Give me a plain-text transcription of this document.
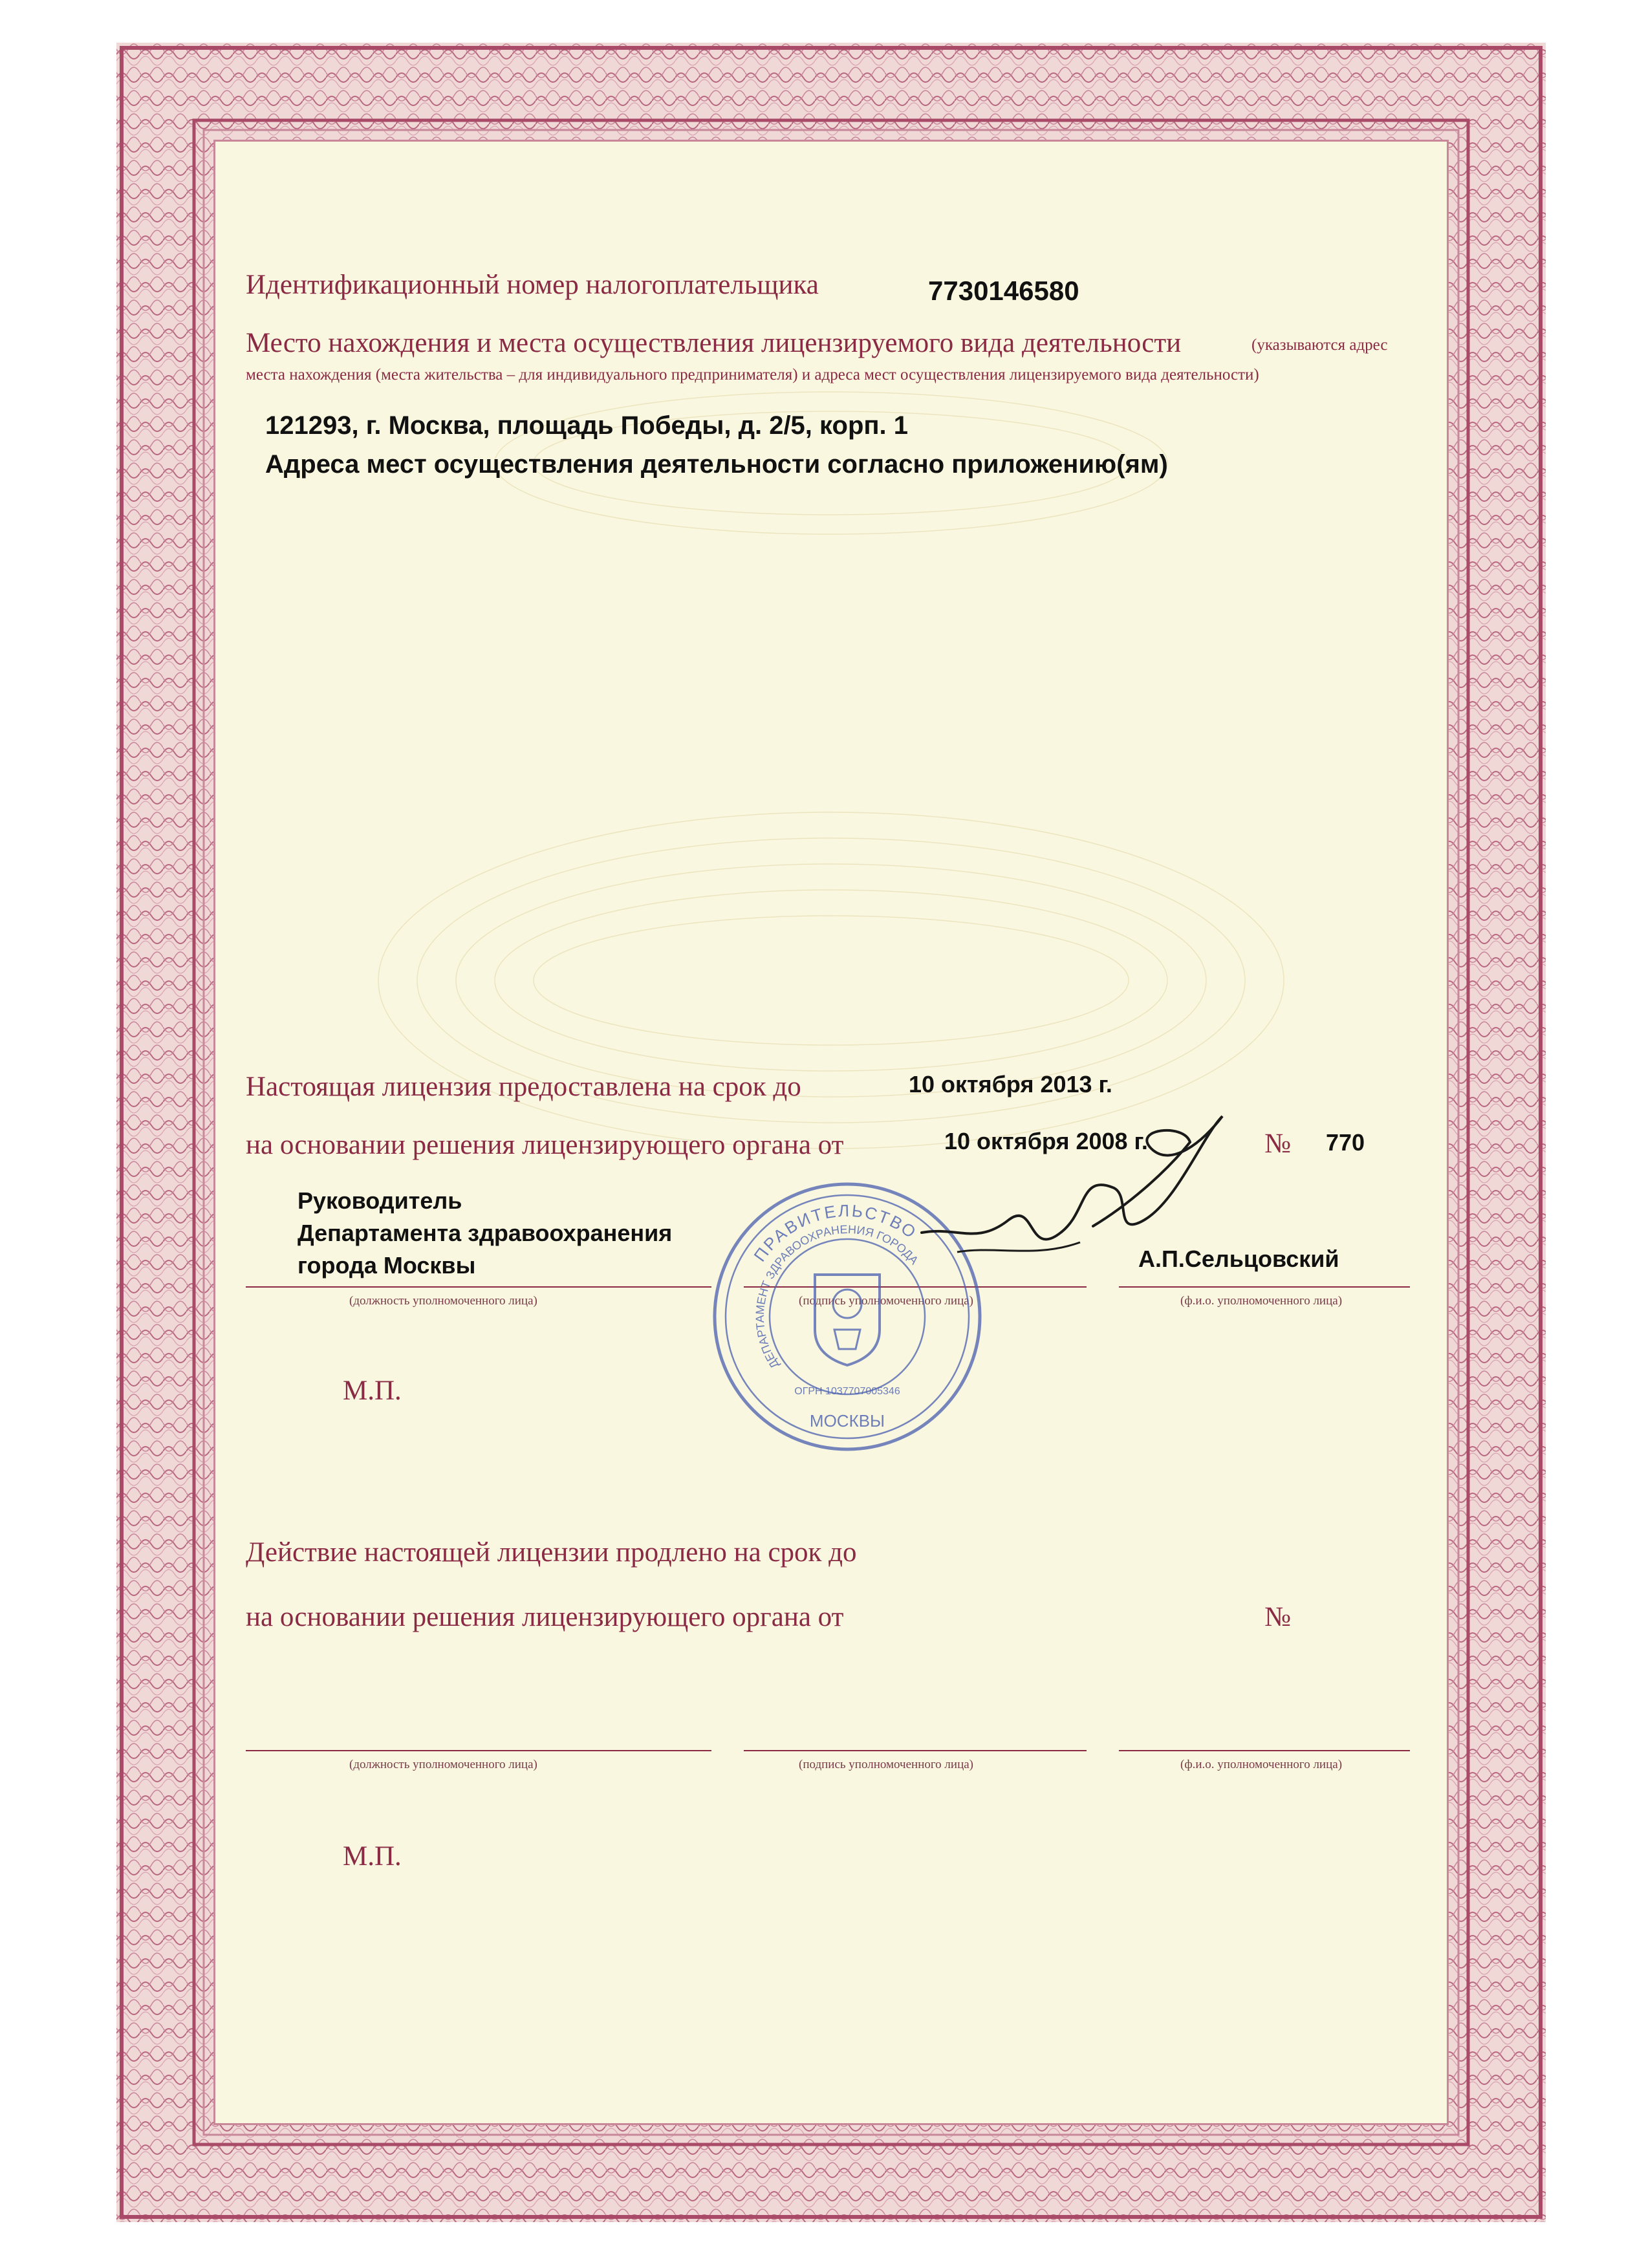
Идентификационный номер налогоплательщика	7730146580
Место нахождения и места осуществления лицензируемого вида деятельности	(указываются адрес
места нахождения (места жительства – для индивидуального предпринимателя) и адреса мест осуществления лицензируемого вида деятельности)
121293, г. Москва, площадь Победы, д. 2/5, корп. 1
Адреса мест осуществления деятельности согласно приложению(ям)
Настоящая лицензия предоставлена на срок до	10 октября 2013 г.
на основании решения лицензирующего органа от	10 октября 2008 г.	№ 770
Руководитель
Департамента здравоохранения
города Москвы	А.П.Сельцовский
(должность уполномоченного лица)	(подпись уполномоченного лица)	(ф.и.о. уполномоченного лица)
М.П.
ПРАВИТЕЛЬСТВО
ДЕПАРТАМЕНТ ЗДРАВООХРАНЕНИЯ ГОРОДА
ОГРН 1037707005346
МОСКВЫ
Действие настоящей лицензии продлено на срок до
на основании решения лицензирующего органа от	№
(должность уполномоченного лица)	(подпись уполномоченного лица)	(ф.и.о. уполномоченного лица)
М.П.
